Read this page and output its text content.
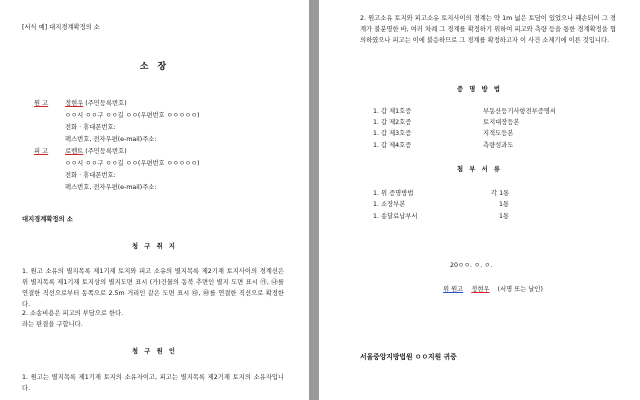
[서식 예] 대지경계확정의 소
소 장
원 고	정현우 (주민등록번호)
ㅇㅇ시 ㅇㅇ구 ㅇㅇ길 ㅇㅇ(우편번호 ㅇㅇㅇㅇㅇ)
전화 · 휴대폰번호:
팩스번호, 전자우편(e-mail)주소:
피 고	로벤트 (주민등록번호)
ㅇㅇ시 ㅇㅇ구 ㅇㅇ길 ㅇㅇ(우편번호 ㅇㅇㅇㅇㅇ)
전화 · 휴대폰번호:
팩스번호, 전자우편(e-mail)주소:
대지경계확정의 소
청 구 취 지
1. 원고 소유의 별지목록 제1기재 토지와 피고 소유의 별지목록 제2기재 토지사이의 경계선은 위 별지목록 제1기재 토지상의 별지도면 표시 (가)건물의 동북 추면인 별지 도면 표시 ㉮, ㉯를 연결한 직선으로부터 동쪽으로 2.5m 거리인 같은 도면 표시 ㉰, ㉱를 연결한 직선으로 확정한다.
2. 소송비용은 피고의 부담으로 한다.
라는 판결을 구합니다.
청 구 원 인
1. 원고는 별지목록 제1기재 토지의 소유자이고, 피고는 별지목록 제2기재 토지의 소유자입니다.
2. 원고소유 토지와 피고소유 토지사이의 경계는 약 1m 넓은 토담이 있었으나 패손되어 그 경계가 불분명한 바, 여러 차례 그 경계를 확정하기 위하여 피고와 측량 등을 통한 경계확정을 협의하였으나 피고는 이에 불응하므로 그 경계를 확정하고자 이 사건 소제기에 이른 것입니다.
증 명 방 법
1. 갑 제1호증	부동산등기사항전부증명서
1. 갑 제2호증	토지대장등본
1. 갑 제3호증	지적도등본
1. 갑 제4호증	측량성과도
첨 부 서 류
1. 위 증명방법	각 1통
1. 소장부본	1통
1. 송달료납부서	1통
20ㅇㅇ. ㅇ. ㅇ.
위 원고 정현우 (서명 또는 날인)
서울중앙지방법원 ㅇㅇ지원 귀중
